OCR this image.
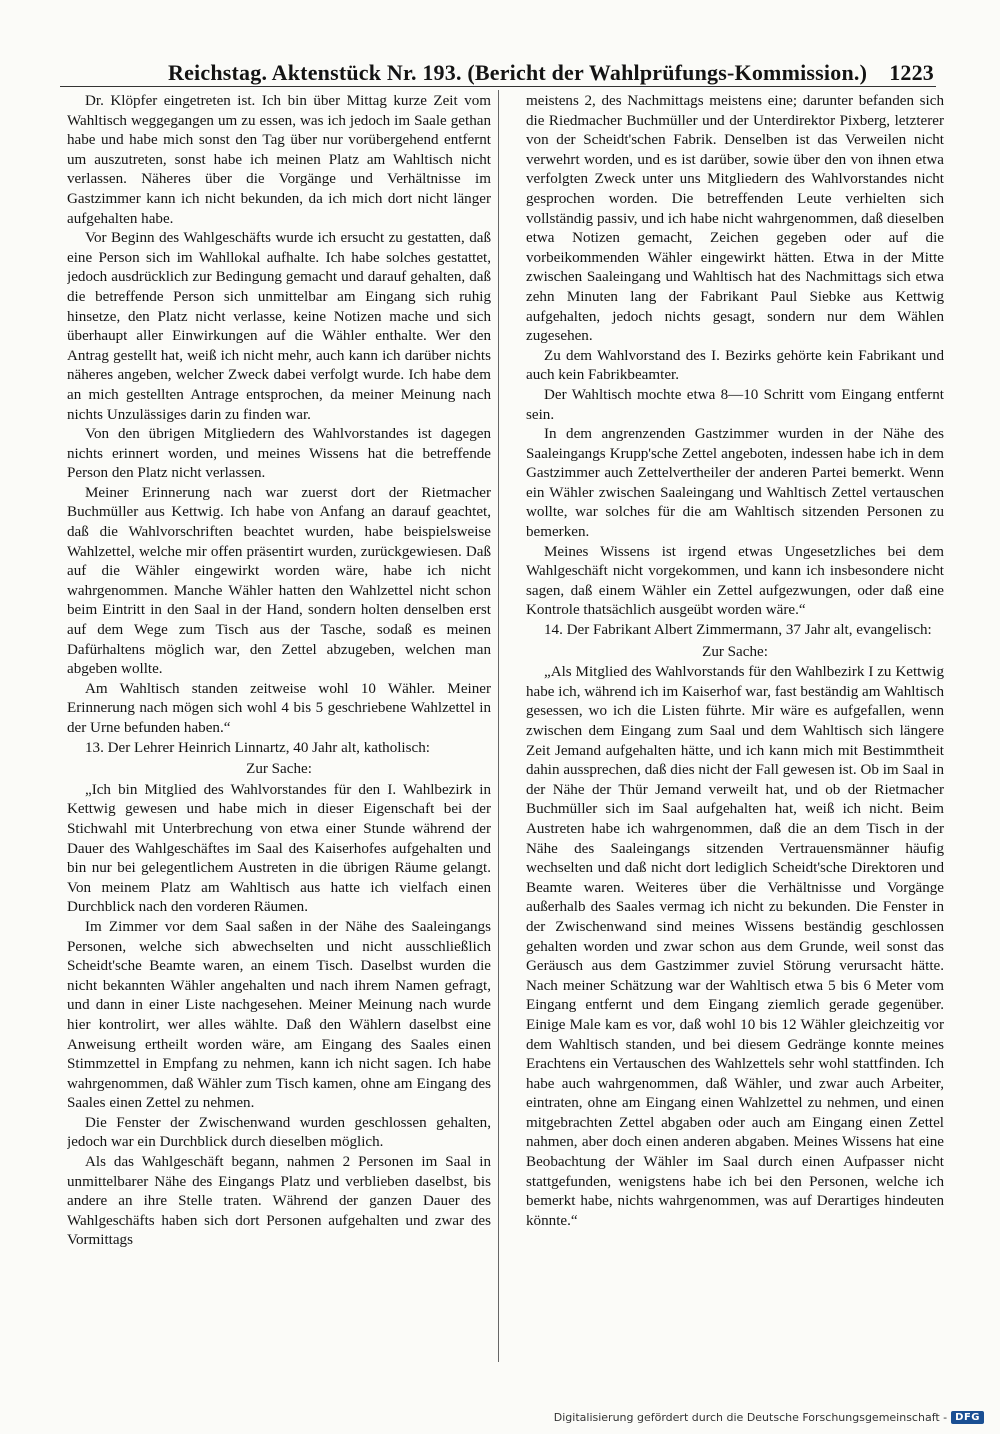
Reichstag. Aktenstück Nr. 193. (Bericht der Wahlprüfungs-Kommission.) 1223

Dr. Klöpfer eingetreten ist. Ich bin über Mittag kurze Zeit vom Wahltisch weggegangen um zu essen, was ich jedoch im Saale gethan habe und habe mich sonst den Tag über nur vorübergehend entfernt um auszutreten, sonst habe ich meinen Platz am Wahltisch nicht verlassen. Näheres über die Vorgänge und Verhältnisse im Gastzimmer kann ich nicht bekunden, da ich mich dort nicht länger aufgehalten habe.

Vor Beginn des Wahlgeschäfts wurde ich ersucht zu gestatten, daß eine Person sich im Wahllokal aufhalte. Ich habe solches gestattet, jedoch ausdrücklich zur Bedingung gemacht und darauf gehalten, daß die betreffende Person sich unmittelbar am Eingang sich ruhig hinsetze, den Platz nicht verlasse, keine Notizen mache und sich überhaupt aller Einwirkungen auf die Wähler enthalte. Wer den Antrag gestellt hat, weiß ich nicht mehr, auch kann ich darüber nichts näheres angeben, welcher Zweck dabei verfolgt wurde. Ich habe dem an mich gestellten Antrage entsprochen, da meiner Meinung nach nichts Unzulässiges darin zu finden war.

Von den übrigen Mitgliedern des Wahlvorstandes ist dagegen nichts erinnert worden, und meines Wissens hat die betreffende Person den Platz nicht verlassen.

Meiner Erinnerung nach war zuerst dort der Rietmacher Buchmüller aus Kettwig. Ich habe von Anfang an darauf geachtet, daß die Wahlvorschriften beachtet wurden, habe beispielsweise Wahlzettel, welche mir offen präsentirt wurden, zurückgewiesen. Daß auf die Wähler eingewirkt worden wäre, habe ich nicht wahrgenommen. Manche Wähler hatten den Wahlzettel nicht schon beim Eintritt in den Saal in der Hand, sondern holten denselben erst auf dem Wege zum Tisch aus der Tasche, sodaß es meinen Dafürhaltens möglich war, den Zettel abzugeben, welchen man abgeben wollte.

Am Wahltisch standen zeitweise wohl 10 Wähler. Meiner Erinnerung nach mögen sich wohl 4 bis 5 geschriebene Wahlzettel in der Urne befunden haben.“

13. Der Lehrer Heinrich Linnartz, 40 Jahr alt, katholisch:

Zur Sache:

„Ich bin Mitglied des Wahlvorstandes für den I. Wahlbezirk in Kettwig gewesen und habe mich in dieser Eigenschaft bei der Stichwahl mit Unterbrechung von etwa einer Stunde während der Dauer des Wahlgeschäftes im Saal des Kaiserhofes aufgehalten und bin nur bei gelegentlichem Austreten in die übrigen Räume gelangt. Von meinem Platz am Wahltisch aus hatte ich vielfach einen Durchblick nach den vorderen Räumen.

Im Zimmer vor dem Saal saßen in der Nähe des Saaleingangs Personen, welche sich abwechselten und nicht ausschließlich Scheidt'sche Beamte waren, an einem Tisch. Daselbst wurden die nicht bekannten Wähler angehalten und nach ihrem Namen gefragt, und dann in einer Liste nachgesehen. Meiner Meinung nach wurde hier kontrolirt, wer alles wählte. Daß den Wählern daselbst eine Anweisung ertheilt worden wäre, am Eingang des Saales einen Stimmzettel in Empfang zu nehmen, kann ich nicht sagen. Ich habe wahrgenommen, daß Wähler zum Tisch kamen, ohne am Eingang des Saales einen Zettel zu nehmen.

Die Fenster der Zwischenwand wurden geschlossen gehalten, jedoch war ein Durchblick durch dieselben möglich.

Als das Wahlgeschäft begann, nahmen 2 Personen im Saal in unmittelbarer Nähe des Eingangs Platz und verblieben daselbst, bis andere an ihre Stelle traten. Während der ganzen Dauer des Wahlgeschäfts haben sich dort Personen aufgehalten und zwar des Vormittags

meistens 2, des Nachmittags meistens eine; darunter befanden sich die Riedmacher Buchmüller und der Unterdirektor Pixberg, letzterer von der Scheidt'schen Fabrik. Denselben ist das Verweilen nicht verwehrt worden, und es ist darüber, sowie über den von ihnen etwa verfolgten Zweck unter uns Mitgliedern des Wahlvorstandes nicht gesprochen worden. Die betreffenden Leute verhielten sich vollständig passiv, und ich habe nicht wahrgenommen, daß dieselben etwa Notizen gemacht, Zeichen gegeben oder auf die vorbeikommenden Wähler eingewirkt hätten. Etwa in der Mitte zwischen Saaleingang und Wahltisch hat des Nachmittags sich etwa zehn Minuten lang der Fabrikant Paul Siebke aus Kettwig aufgehalten, jedoch nichts gesagt, sondern nur dem Wählen zugesehen.

Zu dem Wahlvorstand des I. Bezirks gehörte kein Fabrikant und auch kein Fabrikbeamter.

Der Wahltisch mochte etwa 8—10 Schritt vom Eingang entfernt sein.

In dem angrenzenden Gastzimmer wurden in der Nähe des Saaleingangs Krupp'sche Zettel angeboten, indessen habe ich in dem Gastzimmer auch Zettelvertheiler der anderen Partei bemerkt. Wenn ein Wähler zwischen Saaleingang und Wahltisch Zettel vertauschen wollte, war solches für die am Wahltisch sitzenden Personen zu bemerken.

Meines Wissens ist irgend etwas Ungesetzliches bei dem Wahlgeschäft nicht vorgekommen, und kann ich insbesondere nicht sagen, daß einem Wähler ein Zettel aufgezwungen, oder daß eine Kontrole thatsächlich ausgeübt worden wäre.“

14. Der Fabrikant Albert Zimmermann, 37 Jahr alt, evangelisch:

Zur Sache:

„Als Mitglied des Wahlvorstands für den Wahlbezirk I zu Kettwig habe ich, während ich im Kaiserhof war, fast beständig am Wahltisch gesessen, wo ich die Listen führte. Mir wäre es aufgefallen, wenn zwischen dem Eingang zum Saal und dem Wahltisch sich längere Zeit Jemand aufgehalten hätte, und ich kann mich mit Bestimmtheit dahin aussprechen, daß dies nicht der Fall gewesen ist. Ob im Saal in der Nähe der Thür Jemand verweilt hat, und ob der Rietmacher Buchmüller sich im Saal aufgehalten hat, weiß ich nicht. Beim Austreten habe ich wahrgenommen, daß die an dem Tisch in der Nähe des Saaleingangs sitzenden Vertrauensmänner häufig wechselten und daß nicht dort lediglich Scheidt'sche Direktoren und Beamte waren. Weiteres über die Verhältnisse und Vorgänge außerhalb des Saales vermag ich nicht zu bekunden. Die Fenster in der Zwischenwand sind meines Wissens beständig geschlossen gehalten worden und zwar schon aus dem Grunde, weil sonst das Geräusch aus dem Gastzimmer zuviel Störung verursacht hätte. Nach meiner Schätzung war der Wahltisch etwa 5 bis 6 Meter vom Eingang entfernt und dem Eingang ziemlich gerade gegenüber. Einige Male kam es vor, daß wohl 10 bis 12 Wähler gleichzeitig vor dem Wahltisch standen, und bei diesem Gedränge konnte meines Erachtens ein Vertauschen des Wahlzettels sehr wohl stattfinden. Ich habe auch wahrgenommen, daß Wähler, und zwar auch Arbeiter, eintraten, ohne am Eingang einen Wahlzettel zu nehmen, und einen mitgebrachten Zettel abgaben oder auch am Eingang einen Zettel nahmen, aber doch einen anderen abgaben. Meines Wissens hat eine Beobachtung der Wähler im Saal durch einen Aufpasser nicht stattgefunden, wenigstens habe ich bei den Personen, welche ich bemerkt habe, nichts wahrgenommen, was auf Derartiges hindeuten könnte.“

Digitalisierung gefördert durch die Deutsche Forschungsgemeinschaft - DFG
